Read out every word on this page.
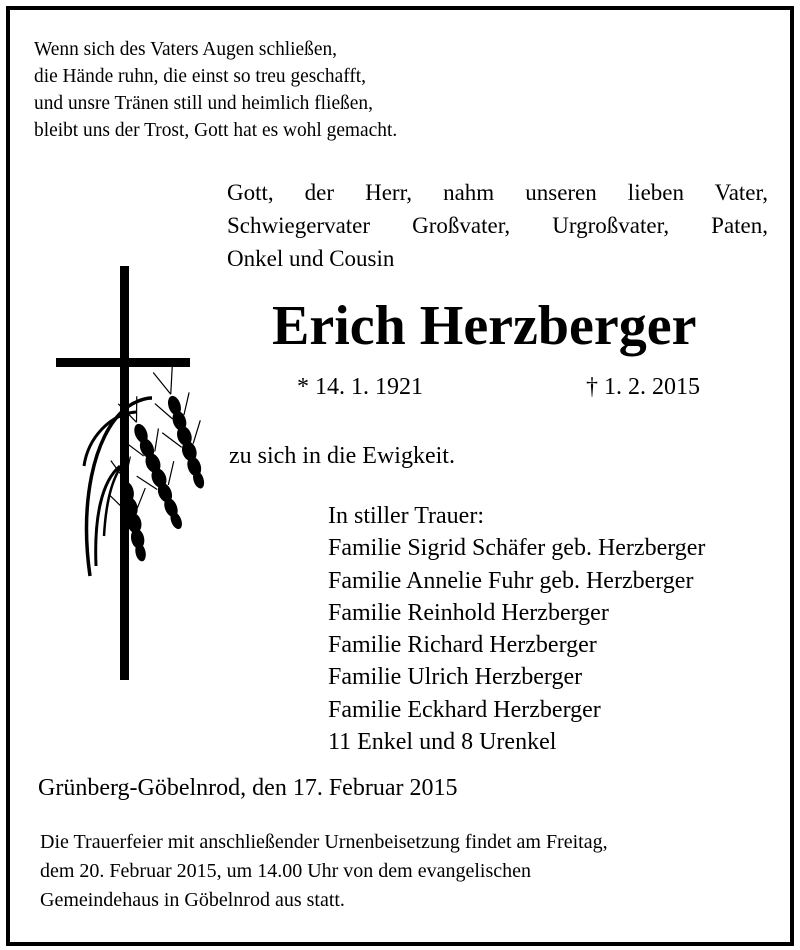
Wenn sich des Vaters Augen schließen,
die Hände ruhn, die einst so treu geschafft,
und unsre Tränen still und heimlich fließen,
bleibt uns der Trost, Gott hat es wohl gemacht.
Gott, der Herr, nahm unseren lieben Vater,
Schwiegervater Großvater, Urgroßvater, Paten,
Onkel und Cousin
Erich Herzberger
* 14. 1. 1921	† 1. 2. 2015
zu sich in die Ewigkeit.
In stiller Trauer:
Familie Sigrid Schäfer geb. Herzberger
Familie Annelie Fuhr geb. Herzberger
Familie Reinhold Herzberger
Familie Richard Herzberger
Familie Ulrich Herzberger
Familie Eckhard Herzberger
11 Enkel und 8 Urenkel
Grünberg-Göbelnrod, den 17. Februar 2015
Die Trauerfeier mit anschließender Urnenbeisetzung findet am Freitag,
dem 20. Februar 2015, um 14.00 Uhr von dem evangelischen
Gemeindehaus in Göbelnrod aus statt.
